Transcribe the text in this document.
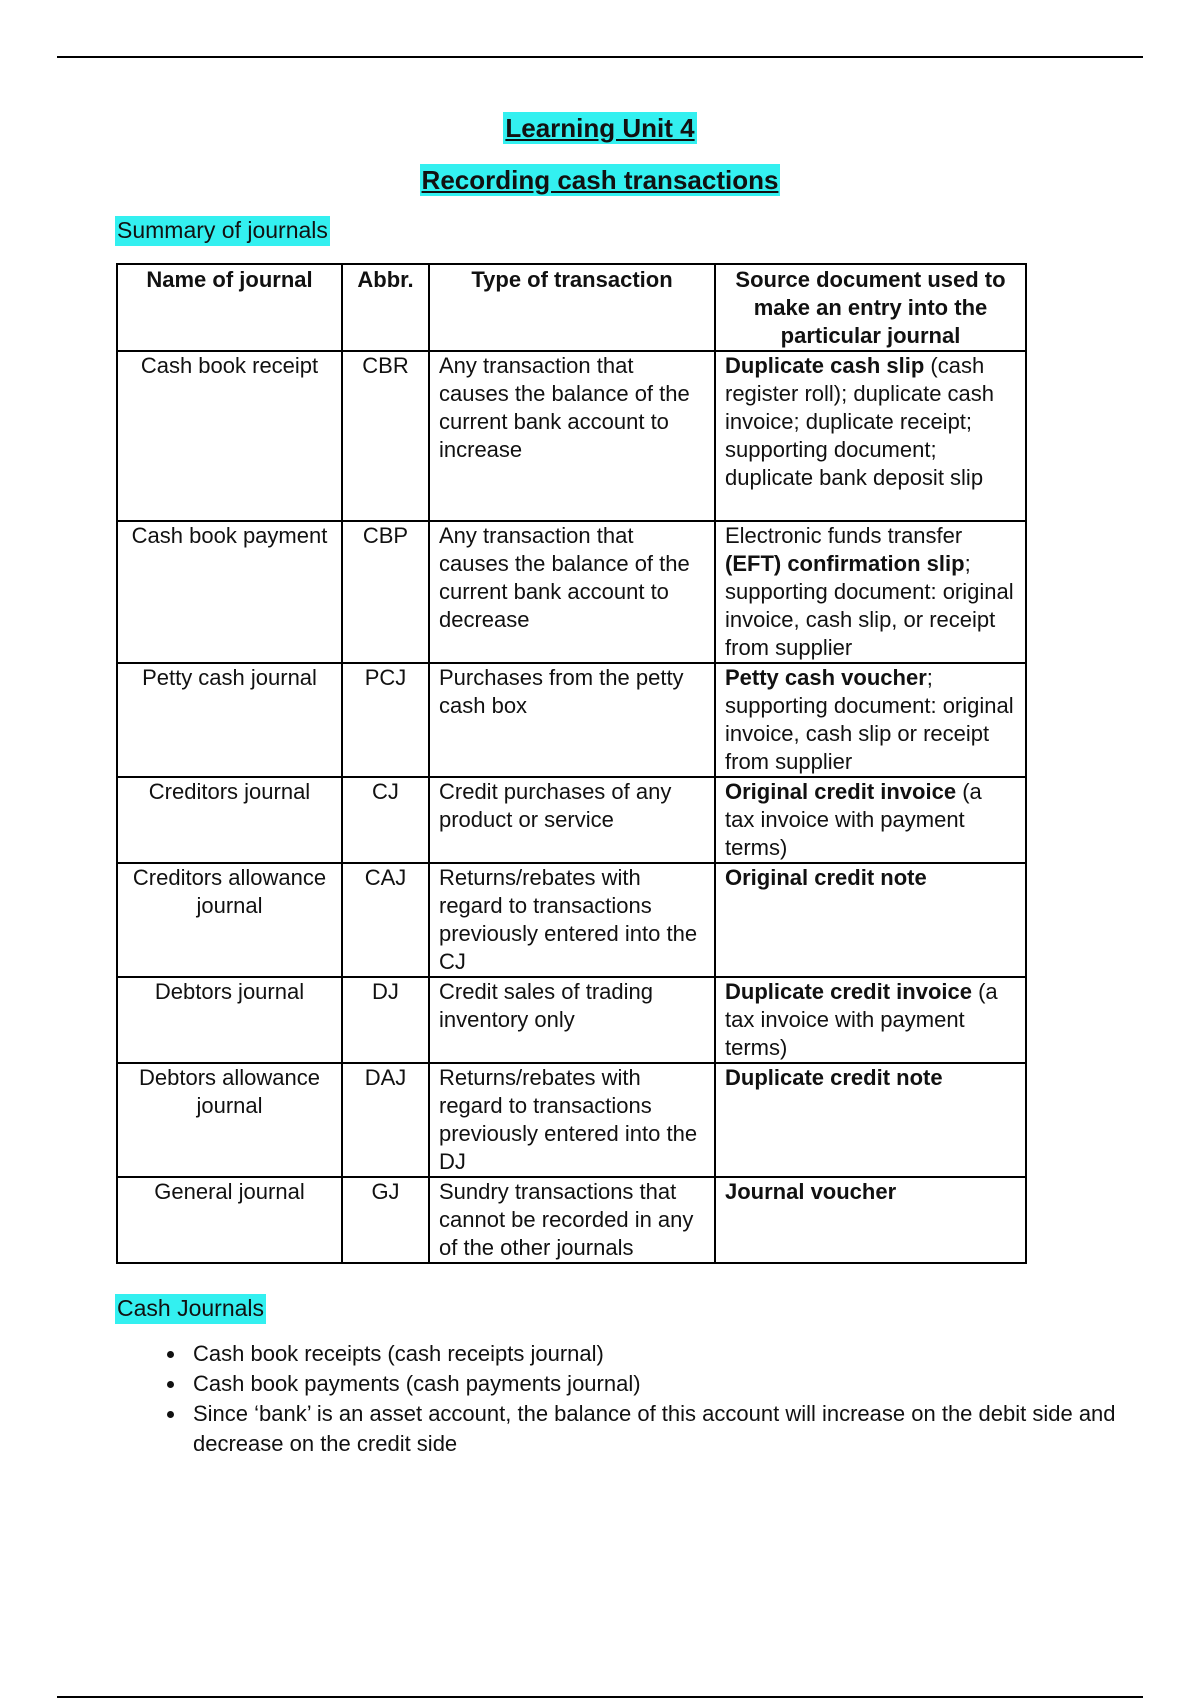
Learning Unit 4
Recording cash transactions
Summary of journals
Name of journal	Abbr.	Type of transaction	Source document used to make an entry into the particular journal
Cash book receipt	CBR	Any transaction that causes the balance of the current bank account to increase	Duplicate cash slip (cash register roll); duplicate cash invoice; duplicate receipt; supporting document; duplicate bank deposit slip
Cash book payment	CBP	Any transaction that causes the balance of the current bank account to decrease	Electronic funds transfer (EFT) confirmation slip; supporting document: original invoice, cash slip, or receipt from supplier
Petty cash journal	PCJ	Purchases from the petty cash box	Petty cash voucher; supporting document: original invoice, cash slip or receipt from supplier
Creditors journal	CJ	Credit purchases of any product or service	Original credit invoice (a tax invoice with payment terms)
Creditors allowance journal	CAJ	Returns/rebates with regard to transactions previously entered into the CJ	Original credit note
Debtors journal	DJ	Credit sales of trading inventory only	Duplicate credit invoice (a tax invoice with payment terms)
Debtors allowance journal	DAJ	Returns/rebates with regard to transactions previously entered into the DJ	Duplicate credit note
General journal	GJ	Sundry transactions that cannot be recorded in any of the other journals	Journal voucher
Cash Journals
• Cash book receipts (cash receipts journal)
• Cash book payments (cash payments journal)
• Since ‘bank’ is an asset account, the balance of this account will increase on the debit side and decrease on the credit side
